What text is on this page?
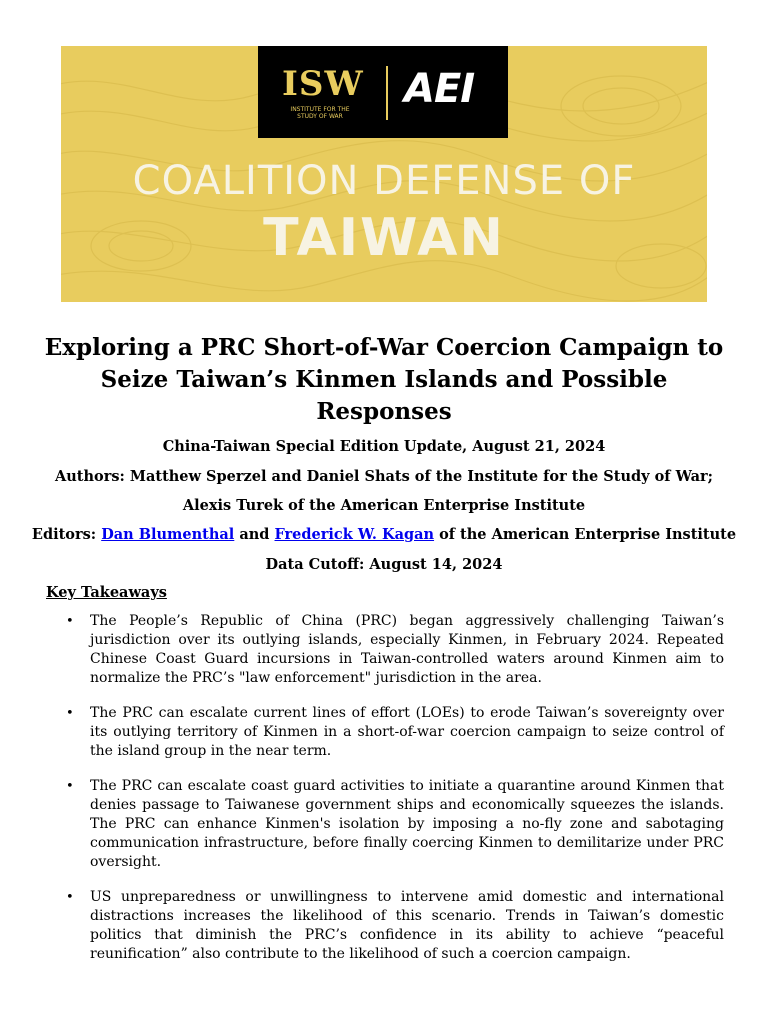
ISW
INSTITUTE FOR THE STUDY OF WAR
AEI
COALITION DEFENSE OF
TAIWAN
Exploring a PRC Short-of-War Coercion Campaign to Seize Taiwan’s Kinmen Islands and Possible Responses
China-Taiwan Special Edition Update, August 21, 2024
Authors: Matthew Sperzel and Daniel Shats of the Institute for the Study of War;
Alexis Turek of the American Enterprise Institute
Editors: Dan Blumenthal and Frederick W. Kagan of the American Enterprise Institute
Data Cutoff: August 14, 2024
Key Takeaways
• The People’s Republic of China (PRC) began aggressively challenging Taiwan’s jurisdiction over its outlying islands, especially Kinmen, in February 2024. Repeated Chinese Coast Guard incursions in Taiwan-controlled waters around Kinmen aim to normalize the PRC’s "law enforcement" jurisdiction in the area.
• The PRC can escalate current lines of effort (LOEs) to erode Taiwan’s sovereignty over its outlying territory of Kinmen in a short-of-war coercion campaign to seize control of the island group in the near term.
• The PRC can escalate coast guard activities to initiate a quarantine around Kinmen that denies passage to Taiwanese government ships and economically squeezes the islands. The PRC can enhance Kinmen's isolation by imposing a no-fly zone and sabotaging communication infrastructure, before finally coercing Kinmen to demilitarize under PRC oversight.
• US unpreparedness or unwillingness to intervene amid domestic and international distractions increases the likelihood of this scenario. Trends in Taiwan’s domestic politics that diminish the PRC’s confidence in its ability to achieve “peaceful reunification” also contribute to the likelihood of such a coercion campaign.
